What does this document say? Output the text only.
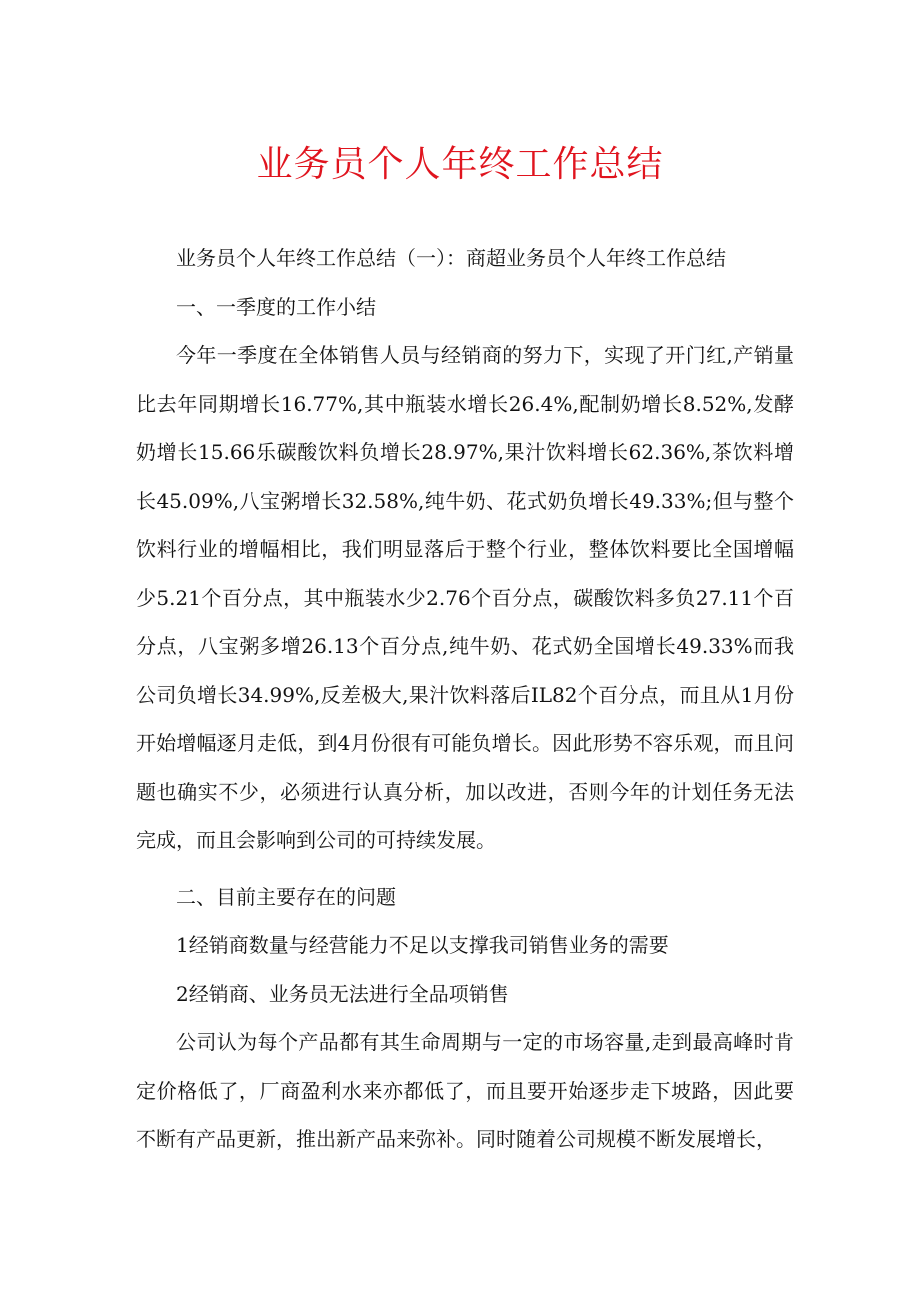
业务员个人年终工作总结

业务员个人年终工作总结（一）：商超业务员个人年终工作总结

一、一季度的工作小结

今年一季度在全体销售人员与经销商的努力下，实现了开门红,产销量比去年同期增长16.77%,其中瓶装水增长26.4%,配制奶增长8.52%,发酵奶增长15.66乐碳酸饮料负增长28.97%,果汁饮料增长62.36%,茶饮料增长45.09%,八宝粥增长32.58%,纯牛奶、花式奶负增长49.33%;但与整个饮料行业的增幅相比，我们明显落后于整个行业，整体饮料要比全国增幅少5.21个百分点，其中瓶装水少2.76个百分点，碳酸饮料多负27.11个百分点，八宝粥多增26.13个百分点,纯牛奶、花式奶全国增长49.33%而我公司负增长34.99%,反差极大,果汁饮料落后IL82个百分点，而且从1月份开始增幅逐月走低，到4月份很有可能负增长。因此形势不容乐观，而且问题也确实不少，必须进行认真分析，加以改进，否则今年的计划任务无法完成，而且会影响到公司的可持续发展。

二、目前主要存在的问题

1经销商数量与经营能力不足以支撑我司销售业务的需要

2经销商、业务员无法进行全品项销售

公司认为每个产品都有其生命周期与一定的市场容量,走到最高峰时肯定价格低了，厂商盈利水来亦都低了，而且要开始逐步走下坡路，因此要不断有产品更新，推出新产品来弥补。同时随着公司规模不断发展增长，
